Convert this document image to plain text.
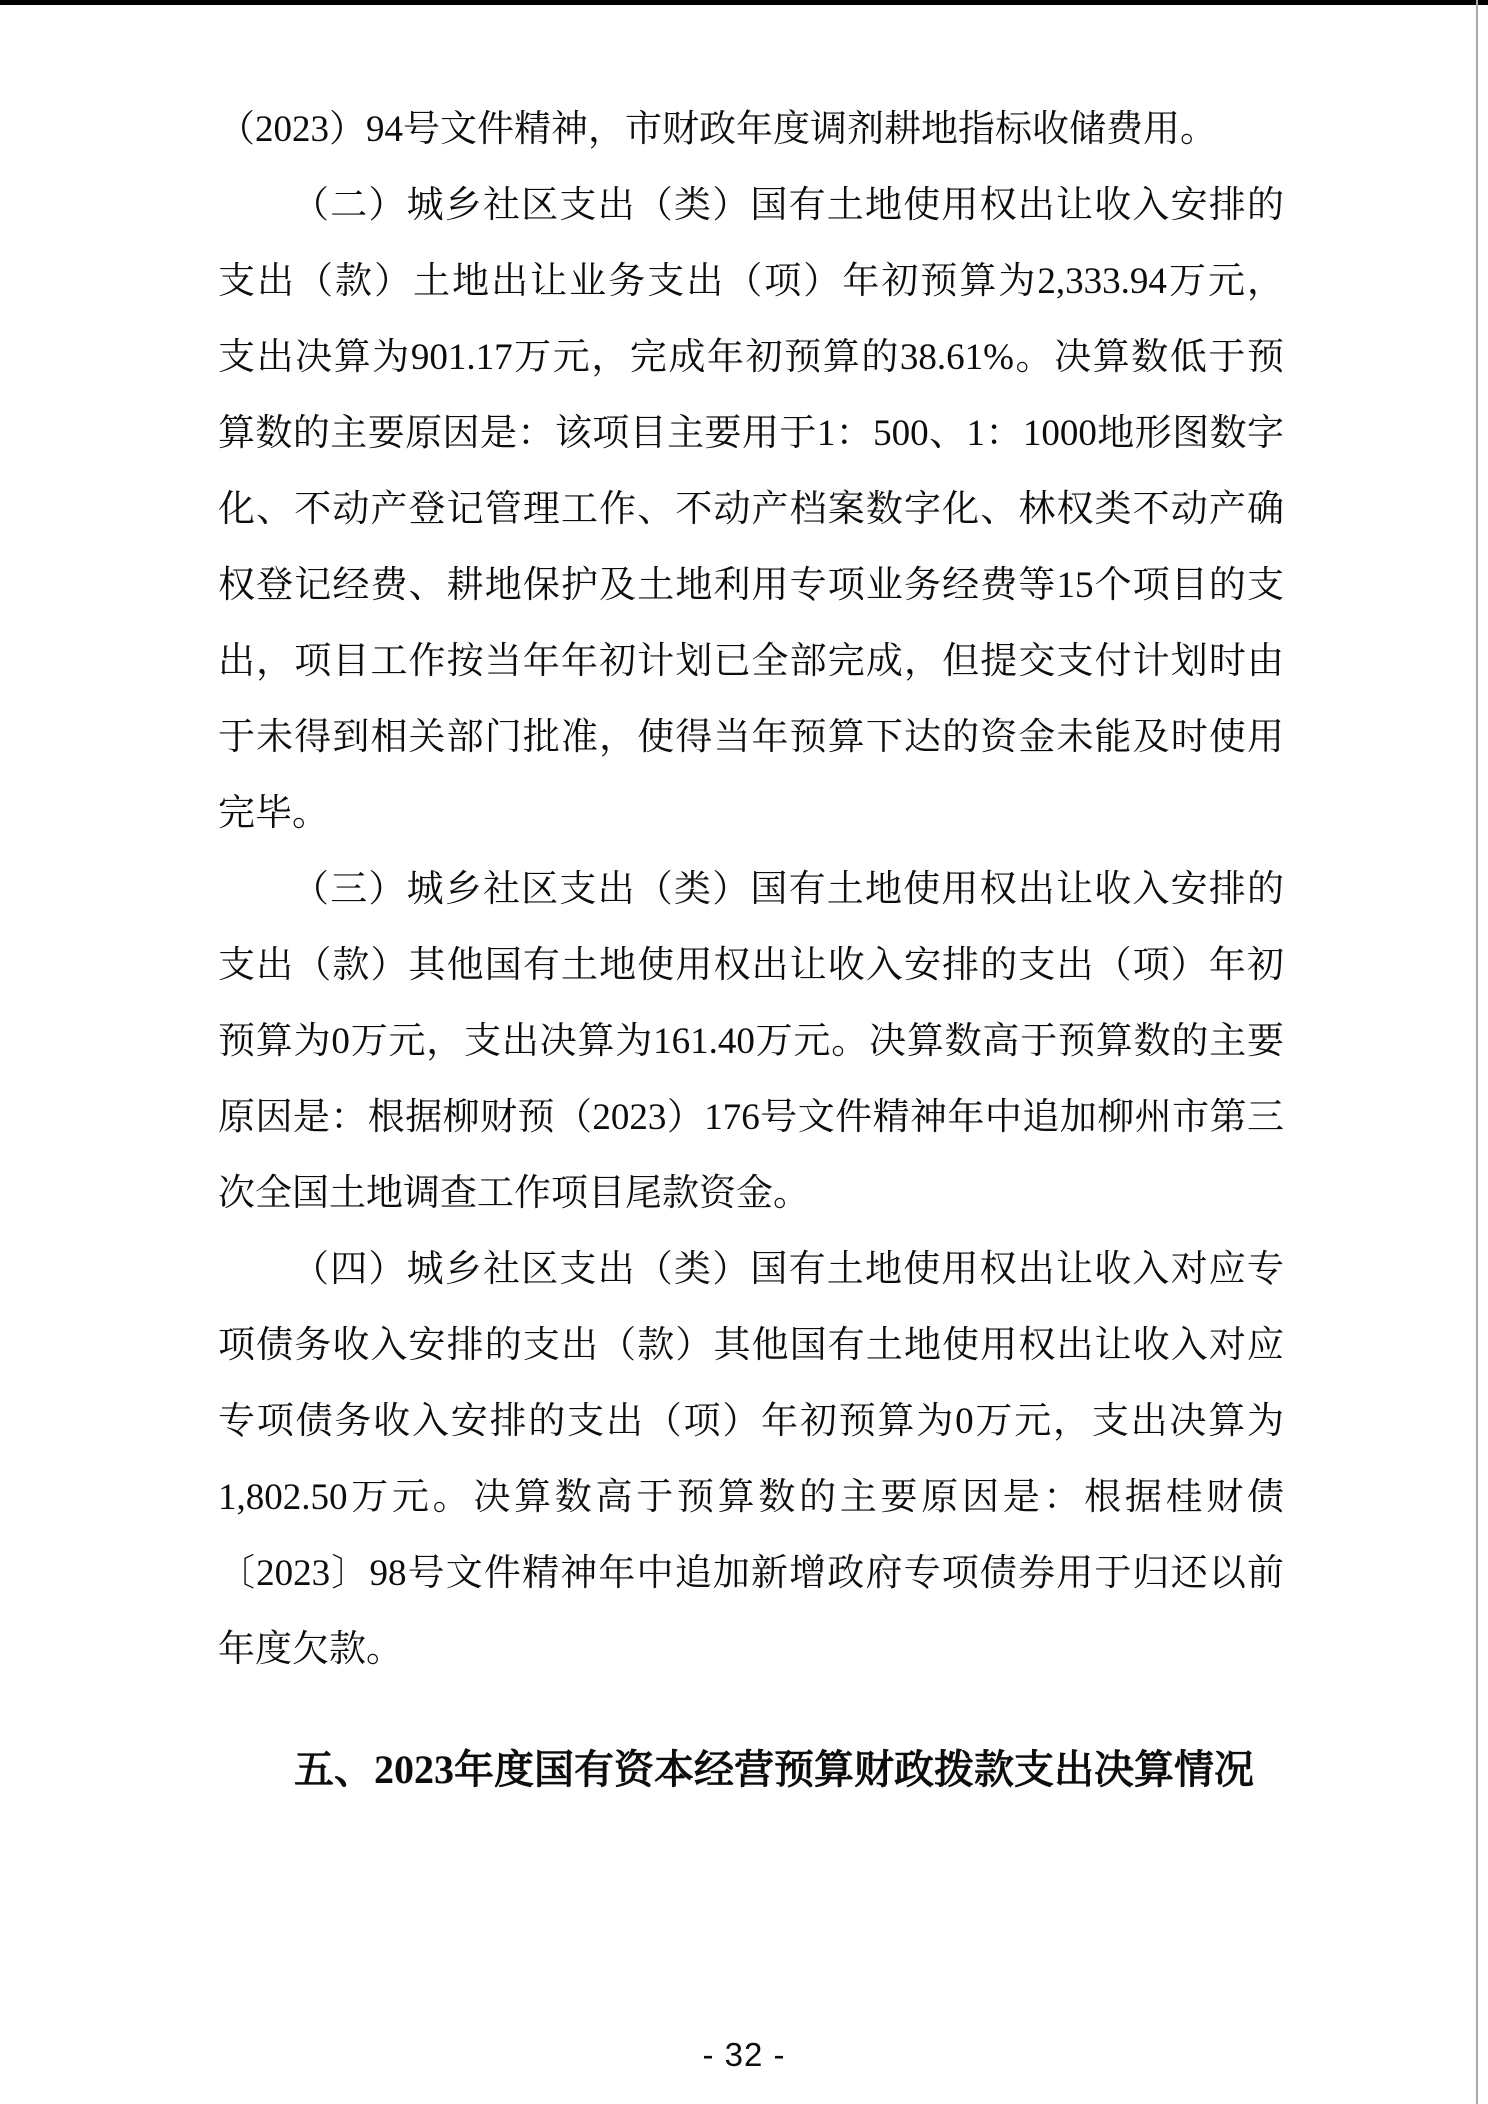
（2023）94号文件精神，市财政年度调剂耕地指标收储费用。
（二）城乡社区支出（类）国有土地使用权出让收入安排的
支出（款）土地出让业务支出（项）年初预算为2,333.94万元，
支出决算为901.17万元，完成年初预算的38.61%。决算数低于预
算数的主要原因是：该项目主要用于1：500、1：1000地形图数字
化、不动产登记管理工作、不动产档案数字化、林权类不动产确
权登记经费、耕地保护及土地利用专项业务经费等15个项目的支
出，项目工作按当年年初计划已全部完成，但提交支付计划时由
于未得到相关部门批准，使得当年预算下达的资金未能及时使用
完毕。
（三）城乡社区支出（类）国有土地使用权出让收入安排的
支出（款）其他国有土地使用权出让收入安排的支出（项）年初
预算为0万元，支出决算为161.40万元。决算数高于预算数的主要
原因是：根据柳财预（2023）176号文件精神年中追加柳州市第三
次全国土地调查工作项目尾款资金。
（四）城乡社区支出（类）国有土地使用权出让收入对应专
项债务收入安排的支出（款）其他国有土地使用权出让收入对应
专项债务收入安排的支出（项）年初预算为0万元，支出决算为
1,802.50万元。决算数高于预算数的主要原因是：根据桂财债
〔2023〕98号文件精神年中追加新增政府专项债券用于归还以前
年度欠款。
五、2023年度国有资本经营预算财政拨款支出决算情况
- 32 -
